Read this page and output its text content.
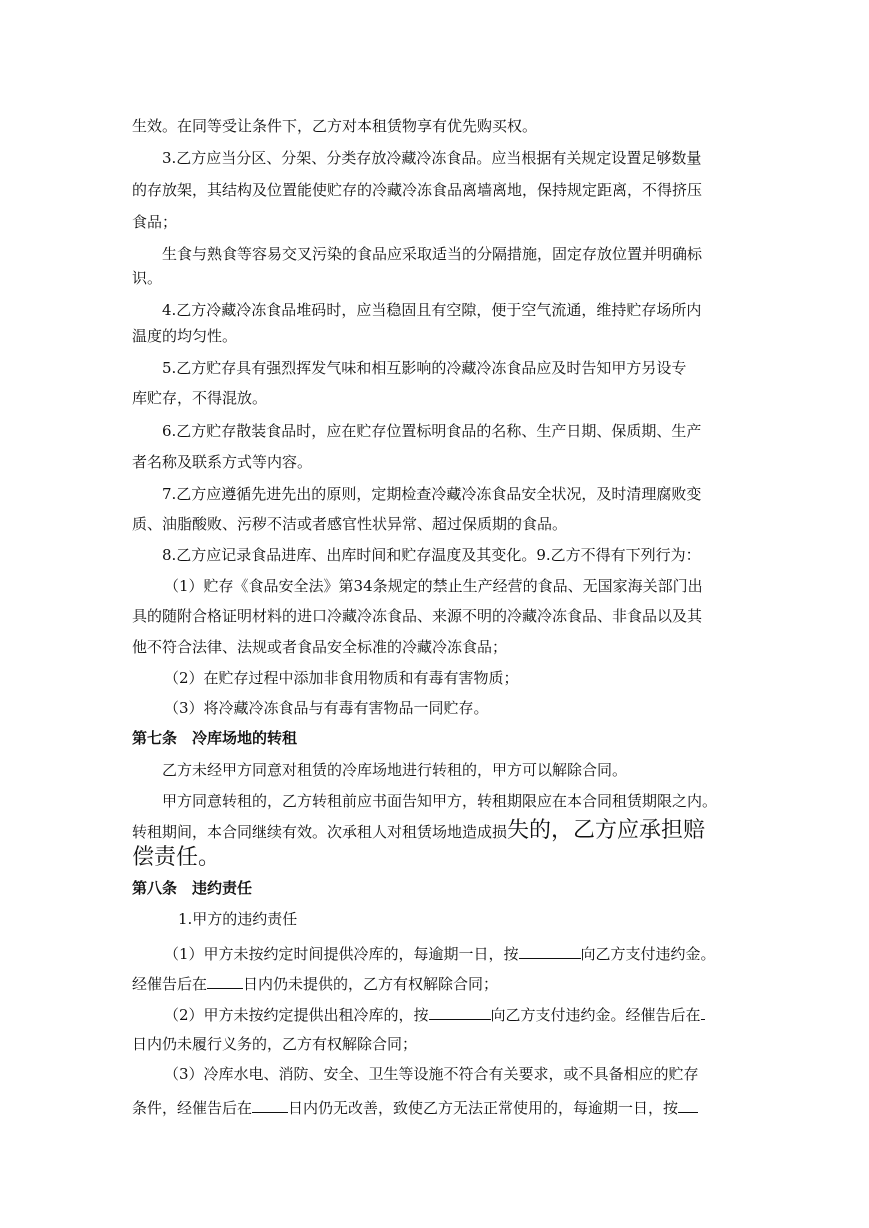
生效。在同等受让条件下，乙方对本租赁物享有优先购买权。
3.乙方应当分区、分架、分类存放冷藏冷冻食品。应当根据有关规定设置足够数量
的存放架，其结构及位置能使贮存的冷藏冷冻食品离墙离地，保持规定距离，不得挤压
食品；
生食与熟食等容易交叉污染的食品应采取适当的分隔措施，固定存放位置并明确标
识。
4.乙方冷藏冷冻食品堆码时，应当稳固且有空隙，便于空气流通，维持贮存场所内
温度的均匀性。
5.乙方贮存具有强烈挥发气味和相互影响的冷藏冷冻食品应及时告知甲方另设专
库贮存，不得混放。
6.乙方贮存散装食品时，应在贮存位置标明食品的名称、生产日期、保质期、生产
者名称及联系方式等内容。
7.乙方应遵循先进先出的原则，定期检查冷藏冷冻食品安全状况，及时清理腐败变
质、油脂酸败、污秽不洁或者感官性状异常、超过保质期的食品。
8.乙方应记录食品进库、出库时间和贮存温度及其变化。9.乙方不得有下列行为：
（1）贮存《食品安全法》第34条规定的禁止生产经营的食品、无国家海关部门出
具的随附合格证明材料的进口冷藏冷冻食品、来源不明的冷藏冷冻食品、非食品以及其
他不符合法律、法规或者食品安全标准的冷藏冷冻食品；
（2）在贮存过程中添加非食用物质和有毒有害物质；
（3）将冷藏冷冻食品与有毒有害物品一同贮存。
第七条　冷库场地的转租
乙方未经甲方同意对租赁的冷库场地进行转租的，甲方可以解除合同。
甲方同意转租的，乙方转租前应书面告知甲方，转租期限应在本合同租赁期限之内。
转租期间，本合同继续有效。次承租人对租赁场地造成损失的，乙方应承担赔
偿责任。
第八条　违约责任
1.甲方的违约责任
（1）甲方未按约定时间提供冷库的，每逾期一日，按	向乙方支付违约金。
经催告后在 日内仍未提供的，乙方有权解除合同；
（2）甲方未按约定提供出租冷库的，按	向乙方支付违约金。经催告后在
日内仍未履行义务的，乙方有权解除合同；
（3）冷库水电、消防、安全、卫生等设施不符合有关要求，或不具备相应的贮存
条件，经催告后在 日内仍无改善，致使乙方无法正常使用的，每逾期一日，按
